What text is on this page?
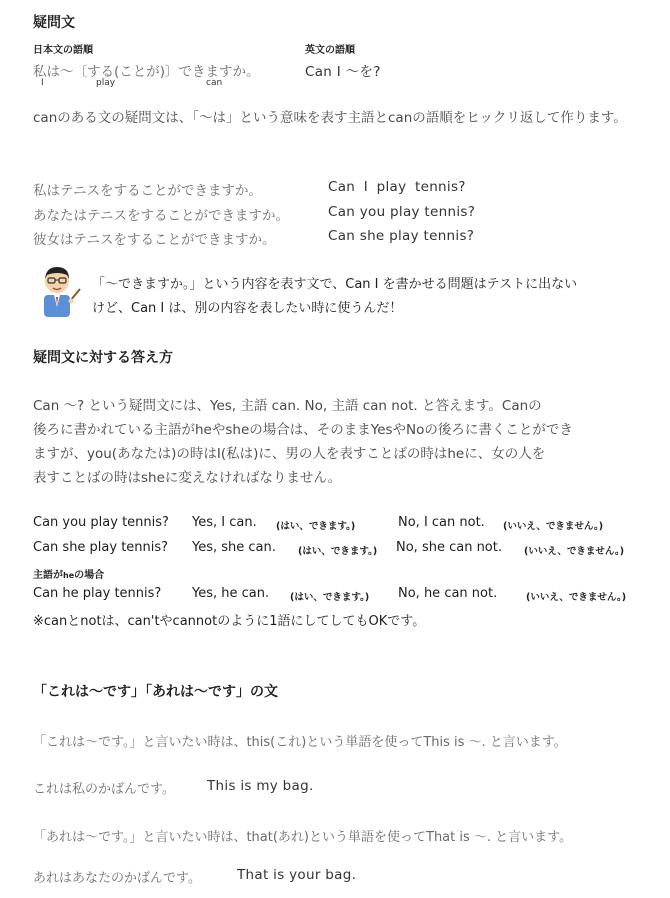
疑問文
日本文の語順	英文の語順
私は～〔する(ことが)〕できますか。	Can I ～を?
I	play	can
canのある文の疑問文は、「～は」という意味を表す主語とcanの語順をヒックリ返して作ります。
私はテニスをすることができますか。	Can I play tennis?
あなたはテニスをすることができますか。	Can you play tennis?
彼女はテニスをすることができますか。	Can she play tennis?
「～できますか。」という内容を表す文で、Can I を書かせる問題はテストに出ない
けど、Can I は、別の内容を表したい時に使うんだ！
疑問文に対する答え方
Can ～? という疑問文には、Yes, 主語 can. No, 主語 can not. と答えます。Canの
後ろに書かれている主語がheやsheの場合は、そのままYesやNoの後ろに書くことができ
ますが、you(あなたは)の時はI(私は)に、男の人を表すことばの時はheに、女の人を
表すことばの時はsheに変えなければなりません。
Can you play tennis? Yes, I can. (はい、できます。)	No, I can not. (いいえ、できません。)
Can she play tennis? Yes, she can. (はい、できます。) No, she can not. (いいえ、できません。)
主語がheの場合
Can he play tennis? Yes, he can. (はい、できます。) No, he can not.	(いいえ、できません。)
※canとnotは、can'tやcannotのように1語にしてしてもOKです。
「これは～です」「あれは～です」の文
「これは～です。」と言いたい時は、this(これ)という単語を使ってThis is ～. と言います。
これは私のかばんです。 This is my bag.
「あれは～です。」と言いたい時は、that(あれ)という単語を使ってThat is ～. と言います。
あれはあなたのかばんです。	That is your bag.
